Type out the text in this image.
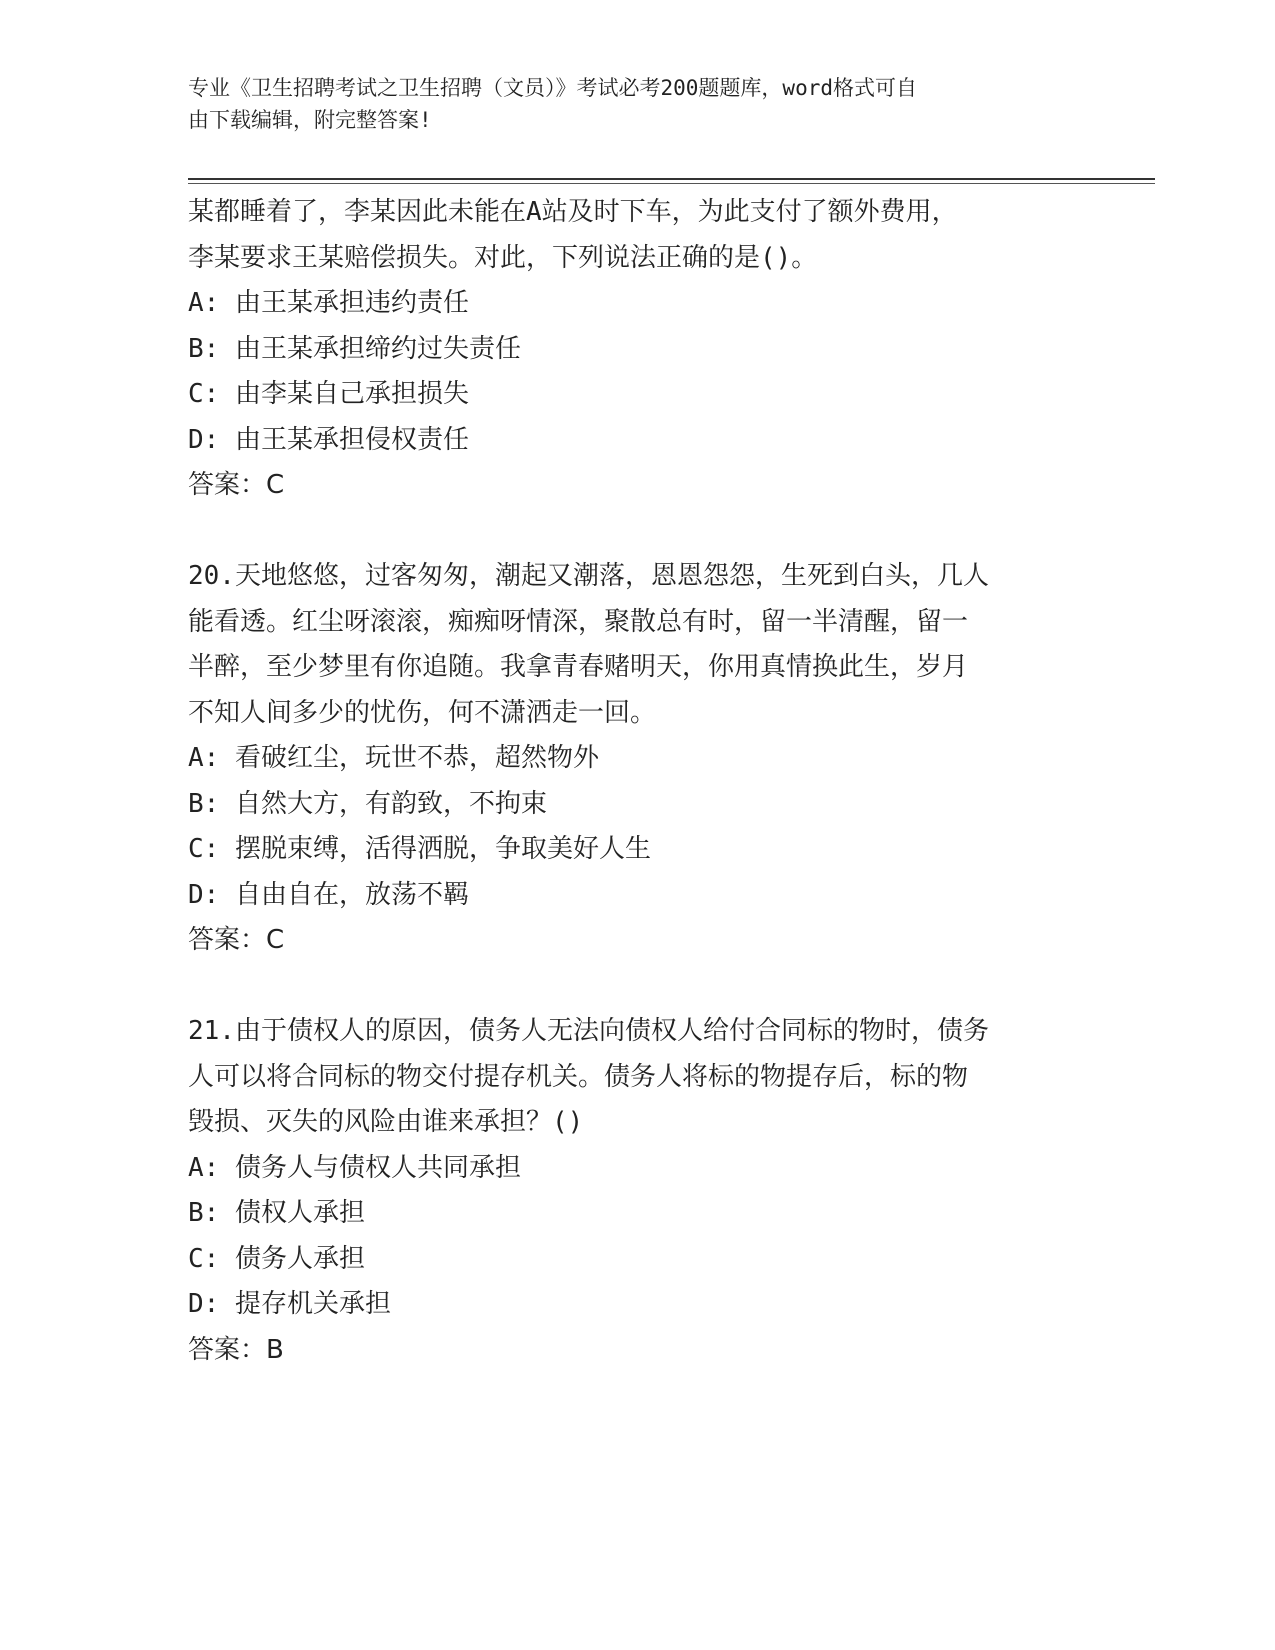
专业《卫生招聘考试之卫生招聘（文员）》考试必考200题题库，word格式可自
由下载编辑，附完整答案!
某都睡着了，李某因此未能在A站及时下车，为此支付了额外费用，
李某要求王某赔偿损失。对此，下列说法正确的是()。
A: 由王某承担违约责任
B: 由王某承担缔约过失责任
C: 由李某自己承担损失
D: 由王某承担侵权责任
答案：C
20.天地悠悠，过客匆匆，潮起又潮落，恩恩怨怨，生死到白头，几人
能看透。红尘呀滚滚，痴痴呀情深，聚散总有时，留一半清醒，留一
半醉，至少梦里有你追随。我拿青春赌明天，你用真情换此生，岁月
不知人间多少的忧伤，何不潇洒走一回。
A: 看破红尘，玩世不恭，超然物外
B: 自然大方，有韵致，不拘束
C: 摆脱束缚，活得洒脱，争取美好人生
D: 自由自在，放荡不羁
答案：C
21.由于债权人的原因，债务人无法向债权人给付合同标的物时，债务
人可以将合同标的物交付提存机关。债务人将标的物提存后，标的物
毁损、灭失的风险由谁来承担？()
A: 债务人与债权人共同承担
B: 债权人承担
C: 债务人承担
D: 提存机关承担
答案：B
